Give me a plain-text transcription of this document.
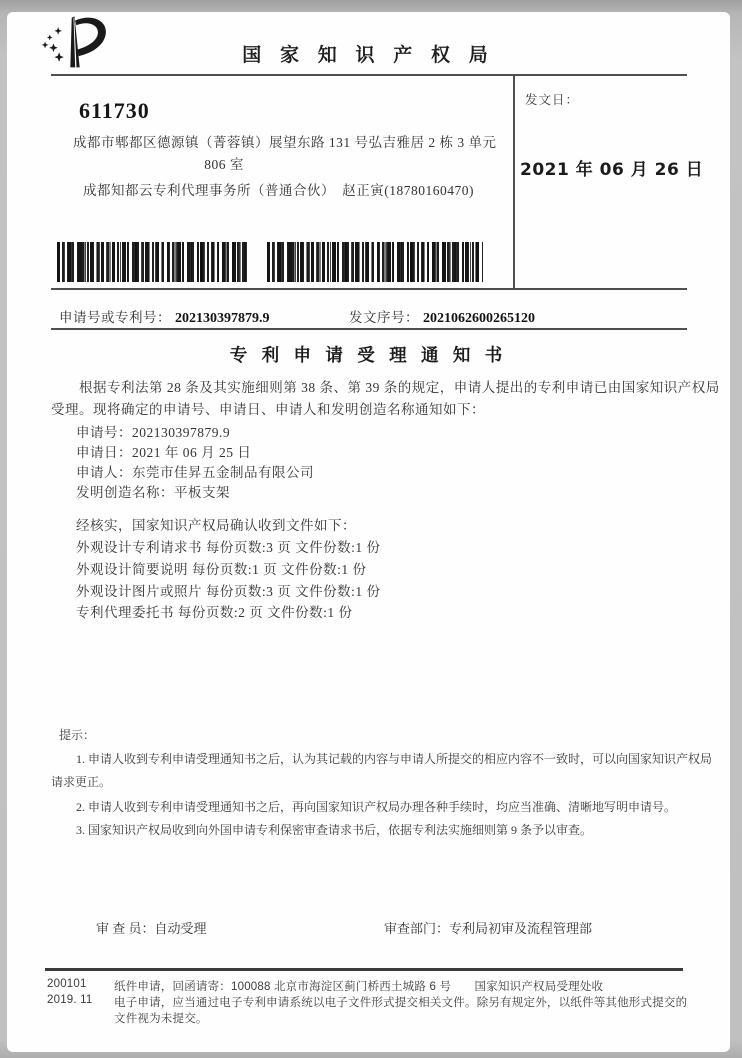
国 家 知 识 产 权 局
发文日：
2021 年 06 月 26 日
611730
成都市郫都区德源镇（菁蓉镇）展望东路 131 号弘吉雅居 2 栋 3 单元
806 室
成都知都云专利代理事务所（普通合伙）　赵正寅(18780160470)
申请号或专利号： 202130397879.9	发文序号： 2021062600265120
专 利 申 请 受 理 通 知 书
根据专利法第 28 条及其实施细则第 38 条、第 39 条的规定，申请人提出的专利申请已由国家知识产权局
受理。现将确定的申请号、申请日、申请人和发明创造名称通知如下：
申请号：202130397879.9
申请日：2021 年 06 月 25 日
申请人：东莞市佳昇五金制品有限公司
发明创造名称：平板支架
经核实，国家知识产权局确认收到文件如下：
外观设计专利请求书 每份页数:3 页 文件份数:1 份
外观设计简要说明 每份页数:1 页 文件份数:1 份
外观设计图片或照片 每份页数:3 页 文件份数:1 份
专利代理委托书 每份页数:2 页 文件份数:1 份
提示：
1. 申请人收到专利申请受理通知书之后，认为其记载的内容与申请人所提交的相应内容不一致时，可以向国家知识产权局
请求更正。
2. 申请人收到专利申请受理通知书之后，再向国家知识产权局办理各种手续时，均应当准确、清晰地写明申请号。
3. 国家知识产权局收到向外国申请专利保密审查请求书后，依据专利法实施细则第 9 条予以审查。
审 查 员：自动受理	审查部门：专利局初审及流程管理部
200101 纸件申请，回函请寄：100088 北京市海淀区蓟门桥西土城路 6 号　　国家知识产权局受理处收
2019. 11 电子申请，应当通过电子专利申请系统以电子文件形式提交相关文件。除另有规定外，以纸件等其他形式提交的
文件视为未提交。
